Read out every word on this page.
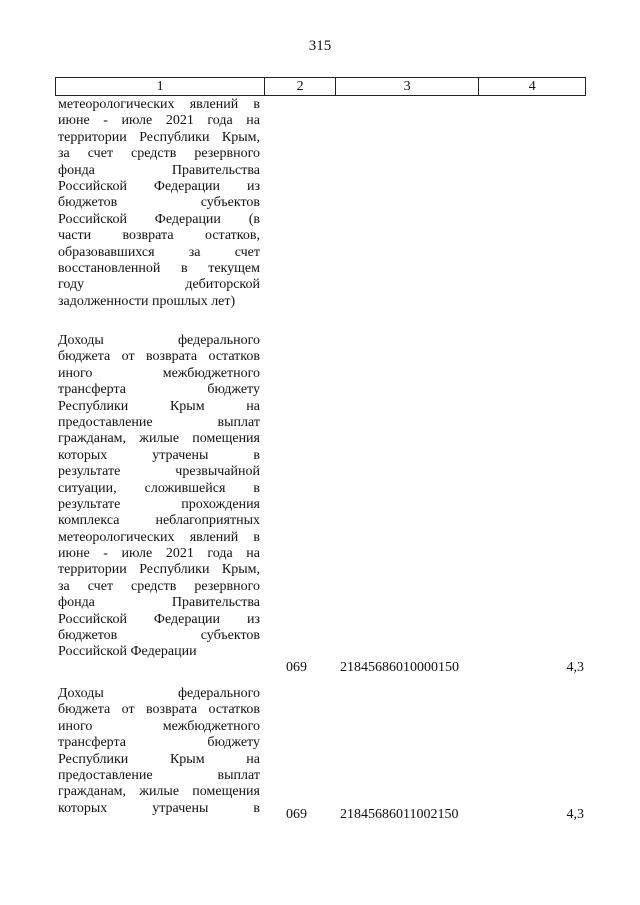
315
1	2	3	4
метеорологических явлений в
июне - июле 2021 года на
территории Республики Крым,
за счет средств резервного
фонда Правительства
Российской Федерации из
бюджетов субъектов
Российской Федерации (в
части возврата остатков,
образовавшихся за счет
восстановленной в текущем
году дебиторской
задолженности прошлых лет)
Доходы федерального
бюджета от возврата остатков
иного межбюджетного
трансферта бюджету
Республики Крым на
предоставление выплат
гражданам, жилые помещения
которых утрачены в
результате чрезвычайной
ситуации, сложившейся в
результате прохождения
комплекса неблагоприятных
метеорологических явлений в
июне - июле 2021 года на
территории Республики Крым,
за счет средств резервного
фонда Правительства
Российской Федерации из
бюджетов субъектов
Российской Федерации
069	21845686010000150	4,3
Доходы федерального
бюджета от возврата остатков
иного межбюджетного
трансферта бюджету
Республики Крым на
предоставление выплат
гражданам, жилые помещения
которых утрачены в 069	21845686011002150	4,3
